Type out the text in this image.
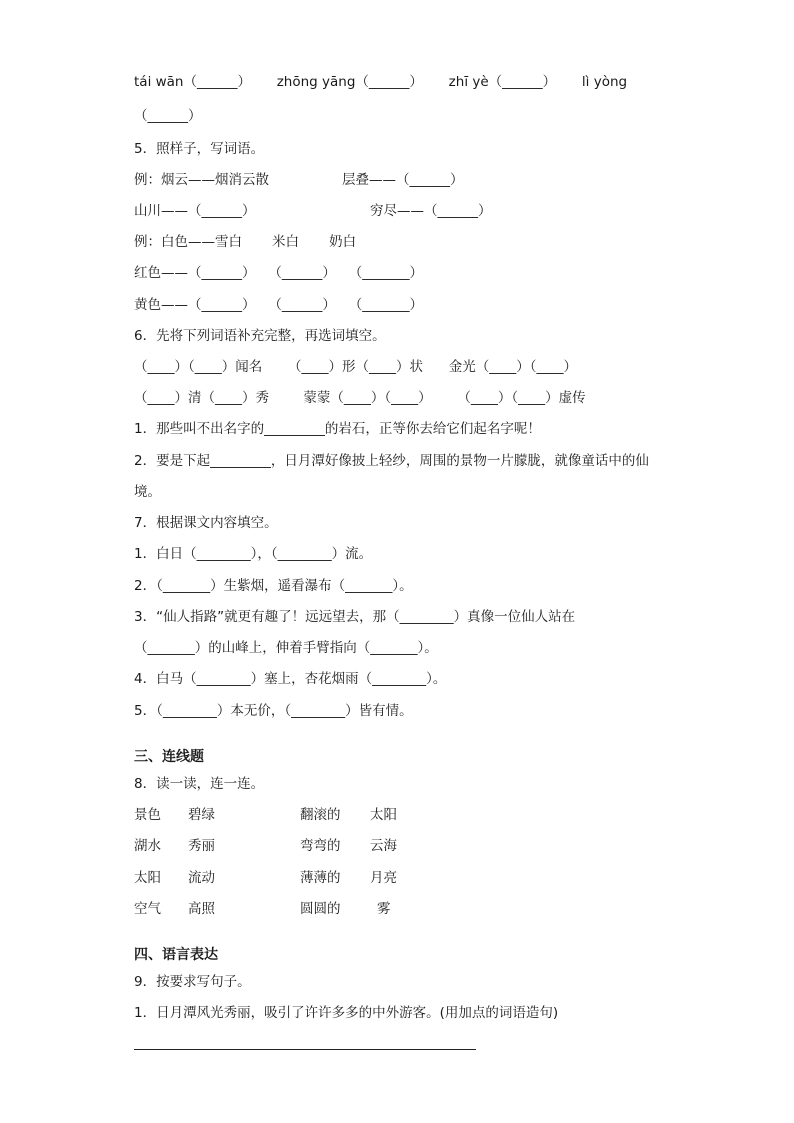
tái wān（______）      zhōng yāng（______）      zhī yè（______）      lì yòng
（______）
5．照样子，写词语。
例：烟云——烟消云散	层叠——（______）
山川——（______）	穷尽——（______）
例：白色——雪白       米白       奶白
红色——（______）   （______）   （_______）
黄色——（______）   （______）   （_______）
6．先将下列词语补充完整，再选词填空。
（____）（____）闻名      （____）形（____）状      金光（____）（____）
（____）清（____）秀        蒙蒙（____）（____）      （____）（____）虚传
1．那些叫不出名字的_________的岩石，正等你去给它们起名字呢！
2．要是下起_________，日月潭好像披上轻纱，周围的景物一片朦胧，就像童话中的仙
境。
7．根据课文内容填空。
1．白日（________），（________）流。
2．（_______）生紫烟，遥看瀑布（_______）。
3．“仙人指路”就更有趣了！远远望去，那（________）真像一位仙人站在
（_______）的山峰上，伸着手臂指向（_______）。
4．白马（________）塞上，杏花烟雨（________）。
5．（________）本无价，（________）皆有情。
三、连线题
8．读一读，连一连。
景色 碧绿	翻滚的 太阳
湖水 秀丽	弯弯的 云海
太阳 流动	薄薄的 月亮
空气 高照	圆圆的	雾
四、语言表达
9．按要求写句子。
1．日月潭风光秀丽，吸引了许许多多的中外游客。(用加点的词语造句)
